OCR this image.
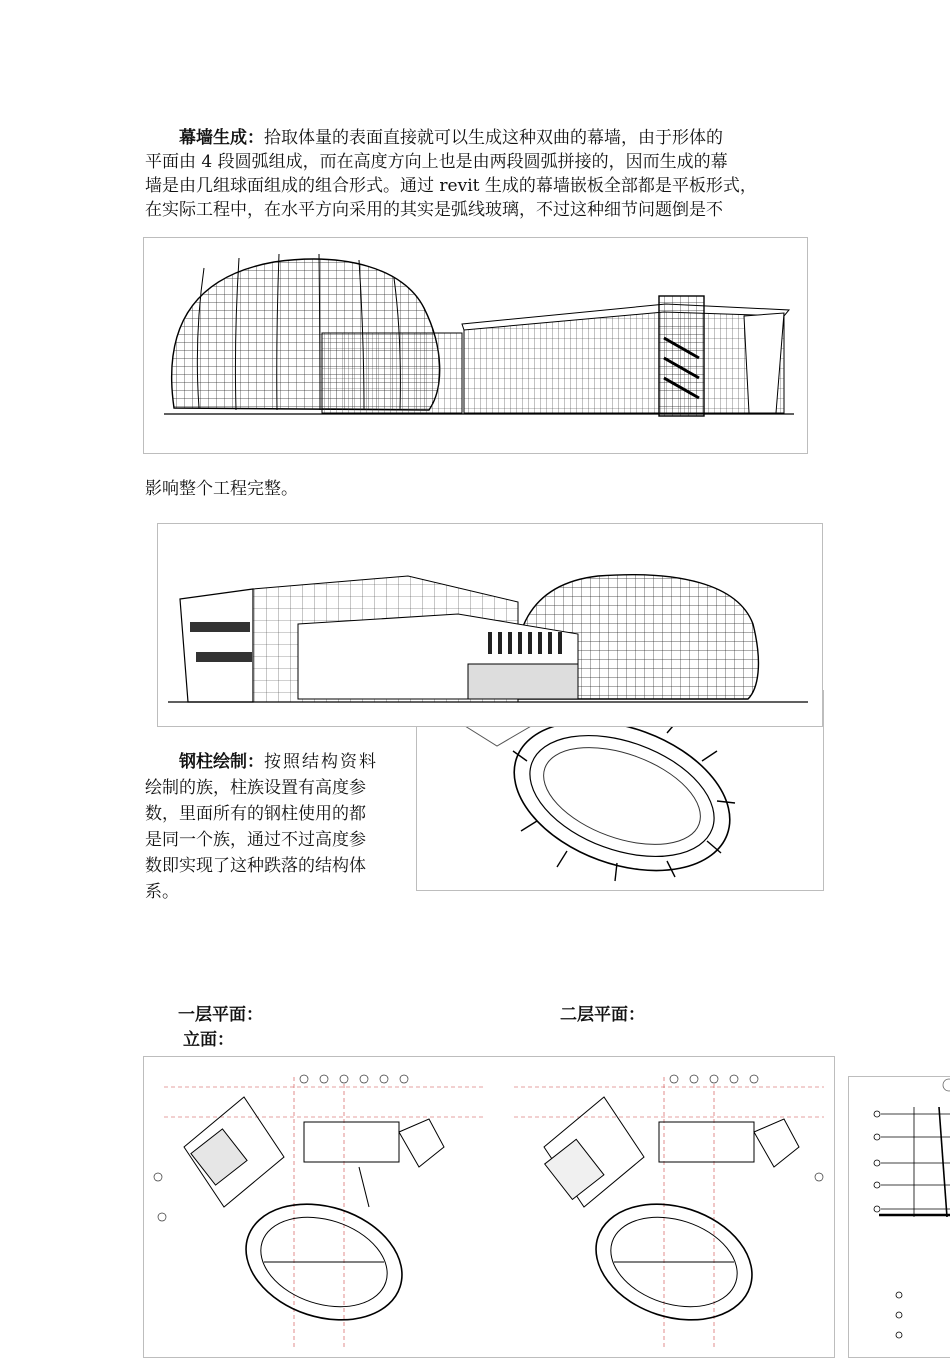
幕墙生成：拾取体量的表面直接就可以生成这种双曲的幕墙，由于形体的
平面由 4 段圆弧组成，而在高度方向上也是由两段圆弧拼接的，因而生成的幕
墙是由几组球面组成的组合形式。通过 revit 生成的幕墙嵌板全部都是平板形式，
在实际工程中，在水平方向采用的其实是弧线玻璃，不过这种细节问题倒是不
影响整个工程完整。
钢柱绘制：按照结构资料
绘制的族，柱族设置有高度参
数，里面所有的钢柱使用的都
是同一个族，通过不过高度参
数即实现了这种跌落的结构体
系。
一层平面：	二层平面：
立面：
